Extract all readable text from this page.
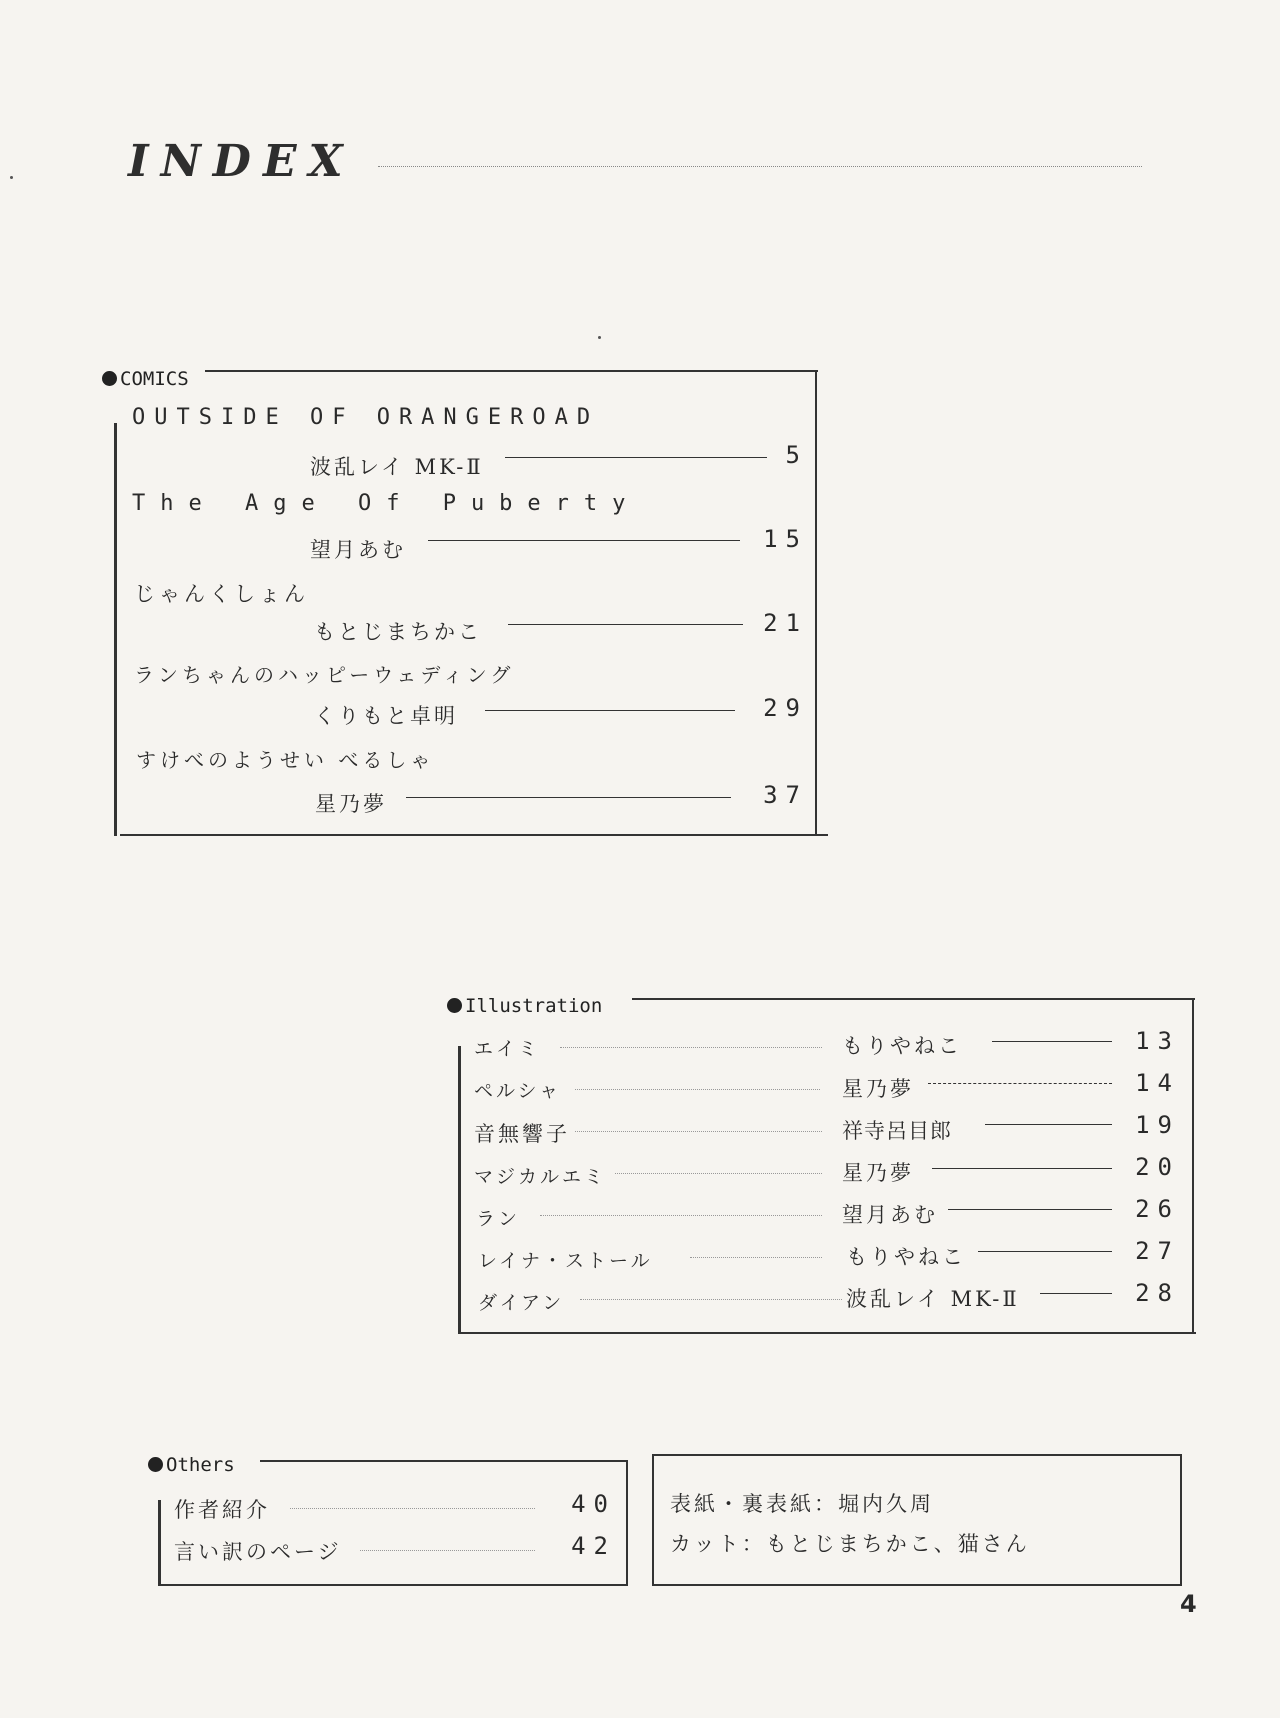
INDEX
COMICS
OUTSIDE OF ORANGEROAD
波乱レイ MK-Ⅱ	5
The Age Of Puberty
望月あむ	15
じゃんくしょん
もとじまちかこ	21
ランちゃんのハッピーウェディング
くりもと卓明	29
すけべのようせい べるしゃ
星乃夢	37
Illustration
エイミ	もりやねこ	13
ペルシャ	星乃夢	14
音無響子	祥寺呂目郎	19
マジカルエミ	星乃夢	20
ラン	望月あむ	26
レイナ・ストール	もりやねこ	27
ダイアン	波乱レイ MK-Ⅱ	28
Others
作者紹介	40
言い訳のページ	42
表紙・裏表紙：堀内久周
カット：もとじまちかこ、猫さん
4
